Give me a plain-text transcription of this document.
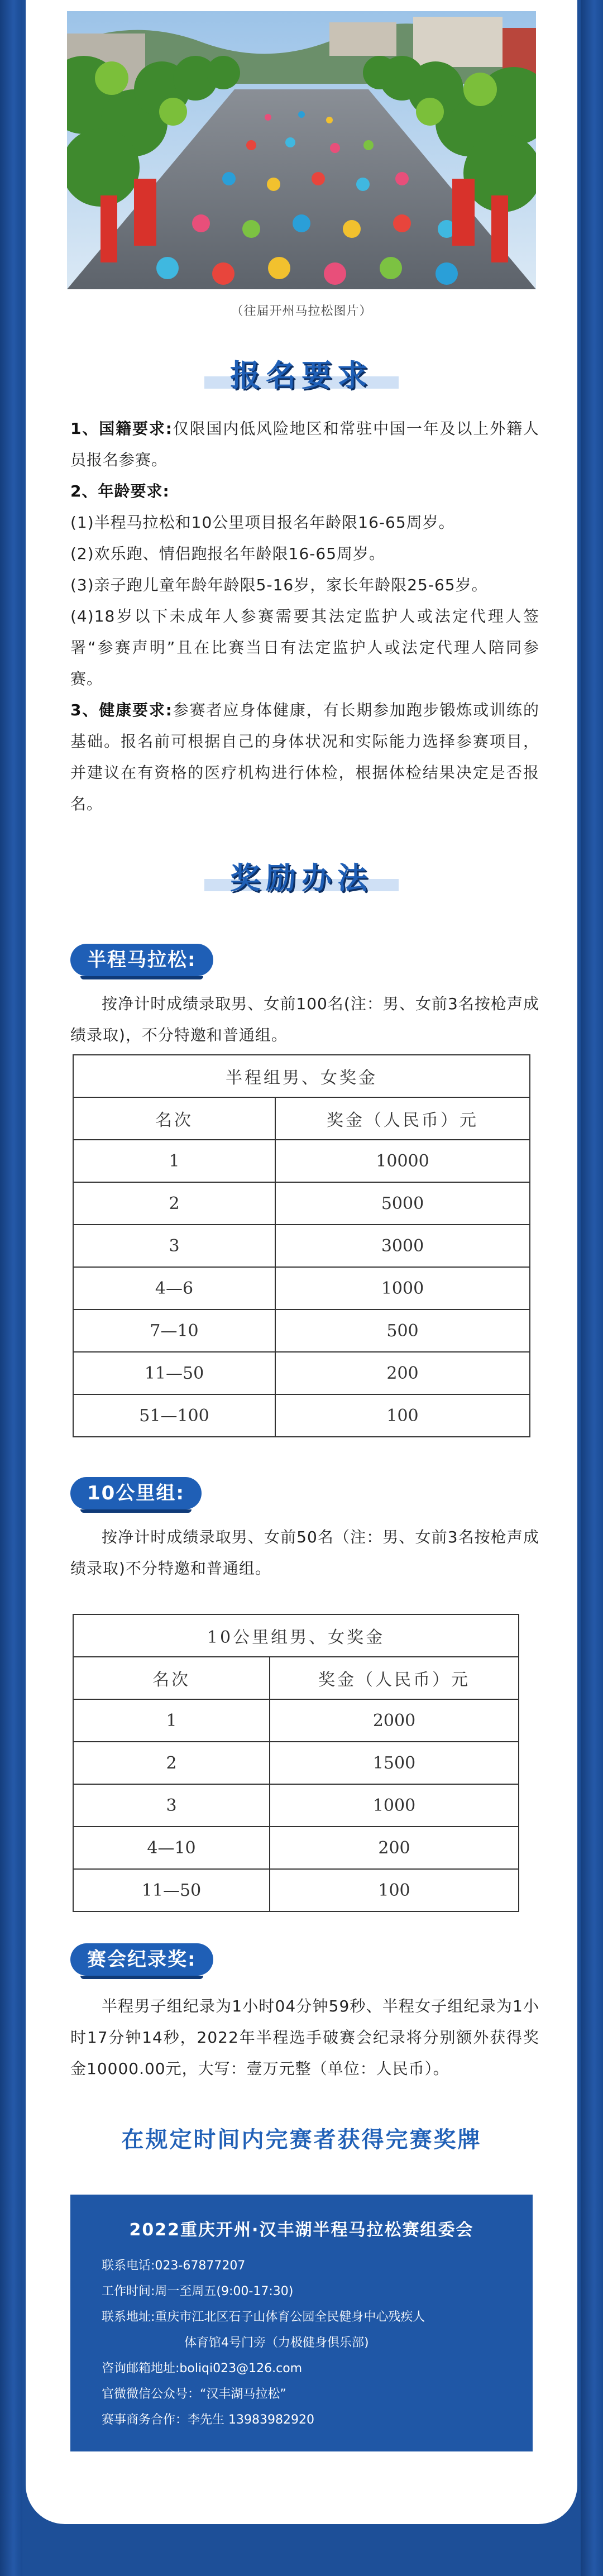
（往届开州马拉松图片）
报名要求
1、国籍要求:仅限国内低风险地区和常驻中国一年及以上外籍人员报名参赛。
2、年龄要求:
(1)半程马拉松和10公里项目报名年龄限16-65周岁。
(2)欢乐跑、情侣跑报名年龄限16-65周岁。
(3)亲子跑儿童年龄年龄限5-16岁，家长年龄限25-65岁。
(4)18岁以下未成年人参赛需要其法定监护人或法定代理人签署“参赛声明”且在比赛当日有法定监护人或法定代理人陪同参赛。
3、健康要求:参赛者应身体健康，有长期参加跑步锻炼或训练的基础。报名前可根据自己的身体状况和实际能力选择参赛项目，并建议在有资格的医疗机构进行体检，根据体检结果决定是否报名。
奖励办法
半程马拉松:
按净计时成绩录取男、女前100名(注：男、女前3名按枪声成绩录取)，不分特邀和普通组。
半程组男、女奖金	
名次	奖金（人民币）元
1	10000
2	5000
3	3000
4—6	1000
7—10	500
11—50	200
51—100	100
10公里组:
按净计时成绩录取男、女前50名（注：男、女前3名按枪声成绩录取)不分特邀和普通组。
10公里组男、女奖金	
名次	奖金（人民币）元
1	2000
2	1500
3	1000
4—10	200
11—50	100
赛会纪录奖:
半程男子组纪录为1小时04分钟59秒、半程女子组纪录为1小时17分钟14秒，2022年半程选手破赛会纪录将分别额外获得奖金10000.00元，大写：壹万元整（单位：人民币）。
在规定时间内完赛者获得完赛奖牌
2022重庆开州·汉丰湖半程马拉松赛组委会
联系电话:023-67877207
工作时间:周一至周五(9:00-17:30)
联系地址:重庆市江北区石子山体育公园全民健身中心残疾人
体育馆4号门旁（力极健身俱乐部)
咨询邮箱地址:boliqi023@126.com
官微微信公众号：“汉丰湖马拉松”
赛事商务合作：李先生 13983982920
